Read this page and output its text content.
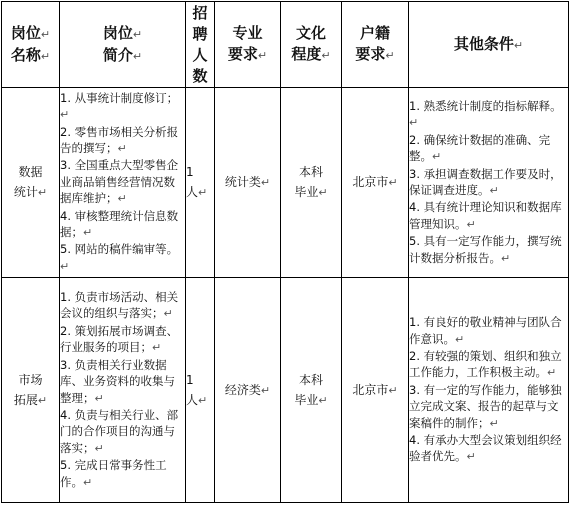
岗位↵
名称↵	岗位↵
简介↵	招
聘
人
数	专业
要求↵	文化
程度↵	户籍
要求↵	其他条件↵
数据
统计↵	1. 从事统计制度修订；↵
2. 零售市场相关分析报告的撰写；↵
3. 全国重点大型零售企业商品销售经营情况数据库维护；↵
4. 审核整理统计信息数据；↵
5. 网站的稿件编审等。↵	1
人↵	统计类↵	本科
毕业↵	北京市↵	1. 熟悉统计制度的指标解释。↵
2. 确保统计数据的准确、完整。↵
3. 承担调查数据工作要及时，保证调查进度。↵
4. 具有统计理论知识和数据库管理知识。↵
5. 具有一定写作能力，撰写统计数据分析报告。↵

市场
拓展↵	1. 负责市场活动、相关会议的组织与落实；↵
2. 策划拓展市场调查、行业服务的项目；↵
3. 负责相关行业数据库、业务资料的收集与整理；↵
4. 负责与相关行业、部门的合作项目的沟通与落实；↵
5. 完成日常事务性工作。↵	1
人↵	经济类↵	本科
毕业↵	北京市↵	1. 有良好的敬业精神与团队合作意识。↵
2. 有较强的策划、组织和独立工作能力，工作积极主动。↵
3. 有一定的写作能力，能够独立完成文案、报告的起草与文案稿件的制作；↵
4. 有承办大型会议策划组织经验者优先。↵
